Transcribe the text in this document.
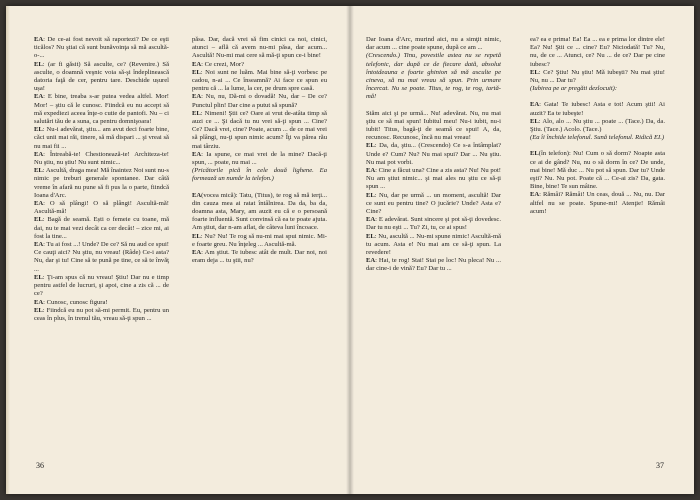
EA: De ce-ai fost nevoit să raportezi? De ce eşti ticălos? Nu ştiai că sunt bunăvoinţa să mă ascultă-o-...

EL: (ar fi găsit) Să asculte, ce? (Revenire.) Să asculte, o doamnă veşnic voia să-şi îndeplinească datoria faţă de cer, pentru tare. Deschide ușurel ușa!

EA: E bine, treaba s-ar putea vedea altfel. Mor! Mor! – ştiu că le cunosc. Fiindcă eu nu accept să mă expediezi aceea înţe-o cutie de pantofi. Nu – ci salutări tău de a suna, ca pentru domnişoara!

EL: Nu-i adevărat, ştiu... am avut deci foarte bine, căci unii mai răi, tinere, să mă dispari ... şi vreai să nu mai fii ...

EA: Întreabă-te! Chestionează-te! Architeza-te! Nu ştiu, nu ştiu! Nu sunt nimic...

EL: Ascultă, draga mea! Mă înaintez Noi sunt nu-s nimic pe treburi generale spontanee. Dar câtă vreme în afară nu pune să fi pus la o parte, fiindcă Ioana d'Arc.

EA: O să plângi! O să plângi! Ascultă-mă! Ascultă-mă!

EL: Bagă de seamă. Ești o femeie cu toane, mă dai, nu te mai vezi decât ca cer decât! – zice mi, ai fost la tine...

EA: Tu ai fost ...! Unde? De ce? Să nu aud ce spui! Ce cauţi aici? Nu ştiu, nu vreau! (Râde) Ce-i asta? Nu, dar şi tu! Cine să te pună pe tine, ce să te învăţ ...

EL: Ţi-am spus că nu vreau! Ştiu! Dar nu e timp pentru astfel de lucruri, şi apoi, cine a zis că ... de ce?

EA: Cunosc, cunosc figura!

EL: Fiindcă eu nu pot să-mi permit. Eu, pentru un ceas în plus, în trenul tău, vreau să-ţi spun ...

păsa. Dar, dacă vrei să fim cinici ca noi, cinici, atunci – află că avem nu-mi păsa, dar acum... Ascultă! Nu-mi mai cere să mă-ţi spun ce-i bine!

EA: Ce crezi, Mor?

EL: Noi sunt ne luăm. Mai bine să-ţi vorbesc pe cadou, n-ai ... Ce înseamnă? Ai face ce spun eu pentru că ... la lume, la cer, pe drum spre casă.

EA: Nu, nu, Dă-mi o dovadă! Nu, dar – De ce? Punctul plin! Dar cine a putut să spună?

EL: Nimeni! Ştii ce? Oare ai vrut de-atâta timp să auzi ce ... Şi dacă tu nu vrei să-ţi spun ... Cine? Ce? Dacă vrei, cine? Poate, acum ... de ce mai vrei să plângi, nu-ţi spun nimic acum? Îţi va părea rău mai târziu.

EA: Ia spune, ce mai vrei de la mine? Dacă-ţi spun, ... poate, nu mai ...

(Pricătorile pică în cele două lighene. Ea formează un număr la telefon.)

EA(vocea mică): Tatu, (Titus), te rog să mă ierţi... din cauza mea ai ratat întâlnirea. Da da, ba da, doamna asta, Mary, am auzit eu că e o persoană foarte influentă. Sunt convinsă că ea te poate ajuta. Am ştiut, dar n-am aflat, de câteva luni încoace.

EL: Nu? Nu! Te rog să nu-mi mai spui nimic. Mi-e foarte greu. Nu înţeleg ... Ascultă-mă.

EA: Am ştiut. Te iubesc atât de mult. Dar noi, noi eram deja ... tu ştii, nu?

36

Dar Ioana d'Arc, murind aici, nu a simţit nimic, dar acum ... cine poate spune, după ce am ...

(Crescendo.) Tinu, povestile astea nu se repetă telefonic, dar după ce de fiecare dată, absolut întotdeauna e foarte ghinion să mă asculte pe cineva, să nu mai vreau să spun. Prin urmare încercat. Nu se poate. Titus, te rog, te rog, iartă-mă!

Stăm aici şi pe urmă... Nu! adevărat. Nu, nu mai ştiu ce să mai spun! Iubitul meu! Nu-i iubit, nu-i iubit! Titus, bagă-ţi de seamă ce spui! A, da, recunosc. Recunosc, încă nu mai vreau!

EL: Da, da, ştiu... (Crescendo) Ce s-a întâmplat? Unde e? Cum? Nu? Nu mai spui? Dar ... Nu ştiu. Nu mai pot vorbi.

EA: Cine a făcut una? Cine a zis asta? Nu! Nu pot! Nu am ştiut nimic... şi mai ales nu ştiu ce să-ţi spun ...

EL: Nu, dar pe urmă ... un moment, ascultă! Dar ce sunt eu pentru tine? O jucărie? Unde? Asta e? Cine?

EA: E adevărat. Sunt sincere şi pot să-ţi dovedesc. Dar tu nu eşti ... Tu? Zi, tu, ce ai spus!

EL: Nu, ascultă ... Nu-mi spune nimic! Ascultă-mă tu acum. Asta e! Nu mai am ce să-ţi spun. La revedere!

EA: Hai, te rog! Stai! Stai pe loc! Nu pleca! Nu ... dar cine-i de vină? Eu? Dar tu ...

ea? ea e prima! Ea! Ea ... ea e prima lor dintre ele! Ea? Nu! Ştii ce ... cine? Eu? Niciodată! Tu? Nu, nu, de ce ... Atunci, ce? Nu ... de ce? Dar pe cine iubesc?

EL: Ce? Ştiu! Nu ştiu! Mă iubeşti? Nu mai ştiu! Nu, nu ... Dar tu?

(Iubirea pe ar pregăti dezlocuit):

EA: Gata! Te iubesc! Asta e tot! Acum ştii! Ai auzit? Ea te iubeşte!

EL: Alo, alo ... Nu ştiu ... poate ... (Tace.) Da, da. Ştiu. (Tace.) Acolo. (Tace.)

(Ea îi închide telefonul. Sună telefonul. Ridică EI.)

EL(în telefon): Nu! Cum o să dorm? Noapte asta ce ai de gând? Nu, nu o să dorm în ce? De unde, mai bine! Mă duc ... Nu pot să spun. Dar tu? Unde eşti? Nu. Nu pot. Poate că ... Ce-ai zis? Da, gata. Bine, bine! Te sun mâine.

EA: Rămâi? Rămâi! Un ceas, două ... Nu, nu. Dar altfel nu se poate. Spune-mi! Atenţie! Rămâi acum!

37
